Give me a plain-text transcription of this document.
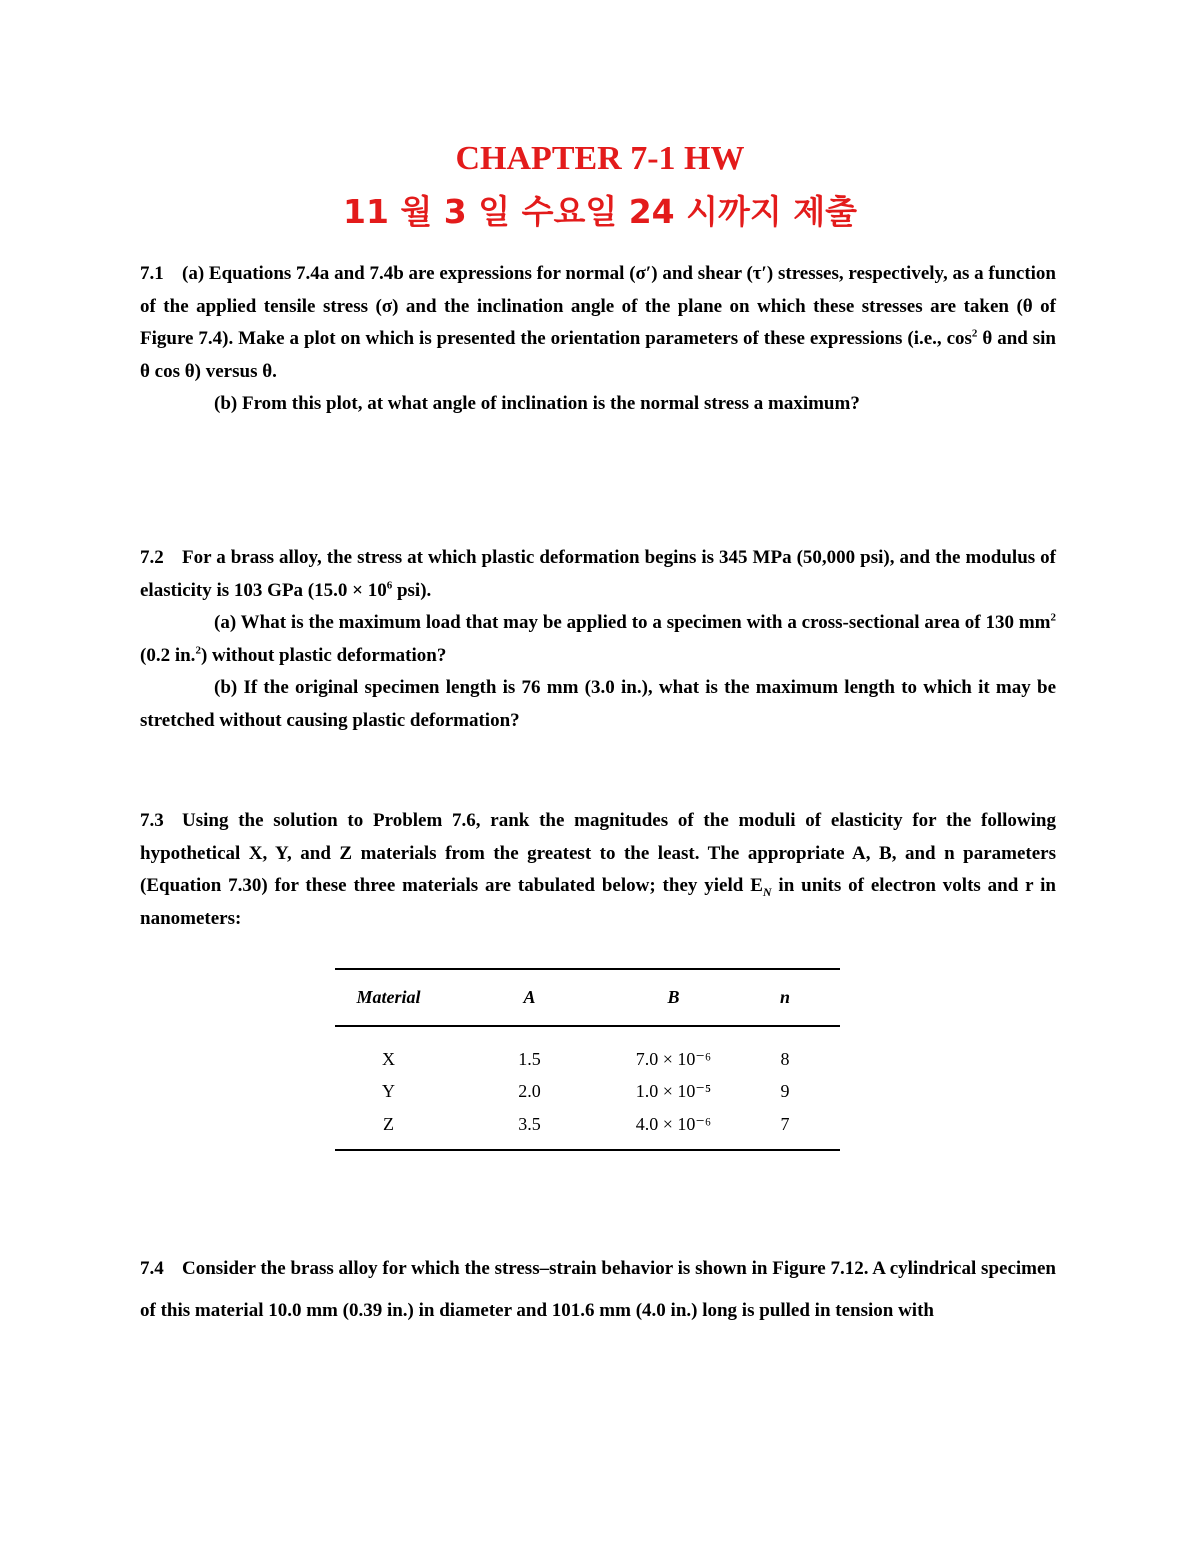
CHAPTER 7-1 HW
11 월 3 일 수요일 24 시까지 제출

7.1 (a) Equations 7.4a and 7.4b are expressions for normal (σ′) and shear (τ′) stresses, respectively, as a function of the applied tensile stress (σ) and the inclination angle of the plane on which these stresses are taken (θ of Figure 7.4). Make a plot on which is presented the orientation parameters of these expressions (i.e., $\cos^2 \theta$ and sin θ cos θ) versus θ.

(b) From this plot, at what angle of inclination is the normal stress a maximum?

7.2 For a brass alloy, the stress at which plastic deformation begins is 345 MPa (50,000 psi), and the modulus of elasticity is 103 GPa ($15.0 \times 10^6$ psi).

(a) What is the maximum load that may be applied to a specimen with a cross-sectional area of 130 $mm^2$ (0.2 in.$^2$) without plastic deformation?

(b) If the original specimen length is 76 mm (3.0 in.), what is the maximum length to which it may be stretched without causing plastic deformation?

7.3 Using the solution to Problem 7.6, rank the magnitudes of the moduli of elasticity for the following hypothetical X, Y, and Z materials from the greatest to the least. The appropriate A, B, and n parameters (Equation 7.30) for these three materials are tabulated below; they yield $E_N$ in units of electron volts and r in nanometers:

Material	A	B	n
X	1.5	7.0 × 10⁻⁶	8
Y	2.0	1.0 × 10⁻⁵	9
Z	3.5	4.0 × 10⁻⁶	7

7.4 Consider the brass alloy for which the stress–strain behavior is shown in Figure 7.12. A cylindrical specimen of this material 10.0 mm (0.39 in.) in diameter and 101.6 mm (4.0 in.) long is pulled in tension with
